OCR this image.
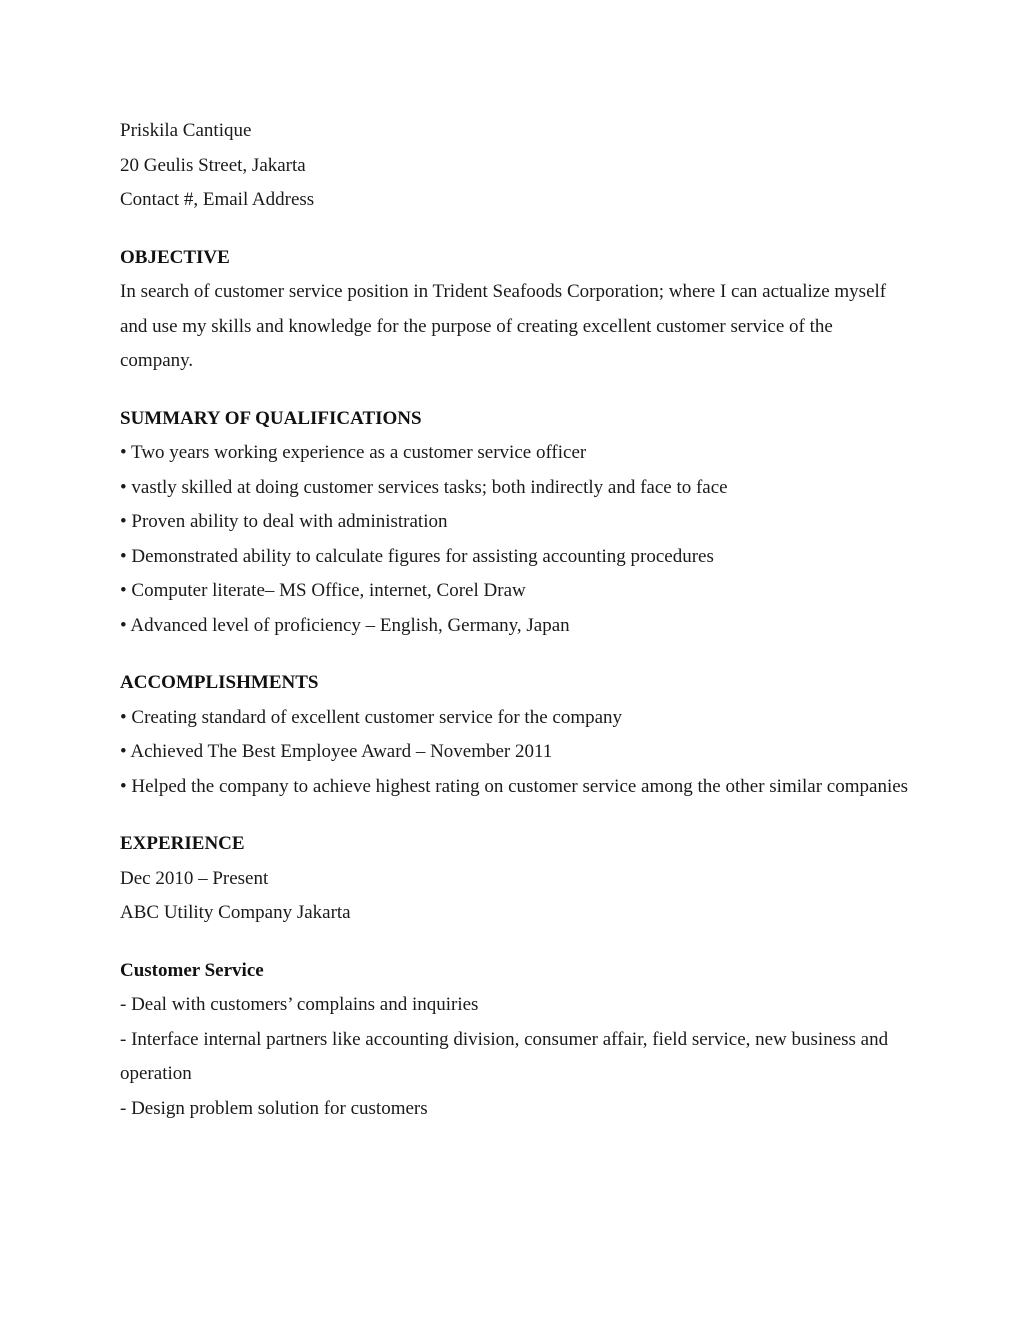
Priskila Cantique

20 Geulis Street, Jakarta

Contact #, Email Address

OBJECTIVE

In search of customer service position in Trident Seafoods Corporation; where I can actualize myself and use my skills and knowledge for the purpose of creating excellent customer service of the company.

SUMMARY OF QUALIFICATIONS

• Two years working experience as a customer service officer
• vastly skilled at doing customer services tasks; both indirectly and face to face
• Proven ability to deal with administration
• Demonstrated ability to calculate figures for assisting accounting procedures
• Computer literate– MS Office, internet, Corel Draw
• Advanced level of proficiency – English, Germany, Japan

ACCOMPLISHMENTS

• Creating standard of excellent customer service for the company
• Achieved The Best Employee Award – November 2011
• Helped the company to achieve highest rating on customer service among the other similar companies

EXPERIENCE

Dec 2010 – Present

ABC Utility Company Jakarta

Customer Service

- Deal with customers’ complains and inquiries
- Interface internal partners like accounting division, consumer affair, field service, new business and operation
- Design problem solution for customers
